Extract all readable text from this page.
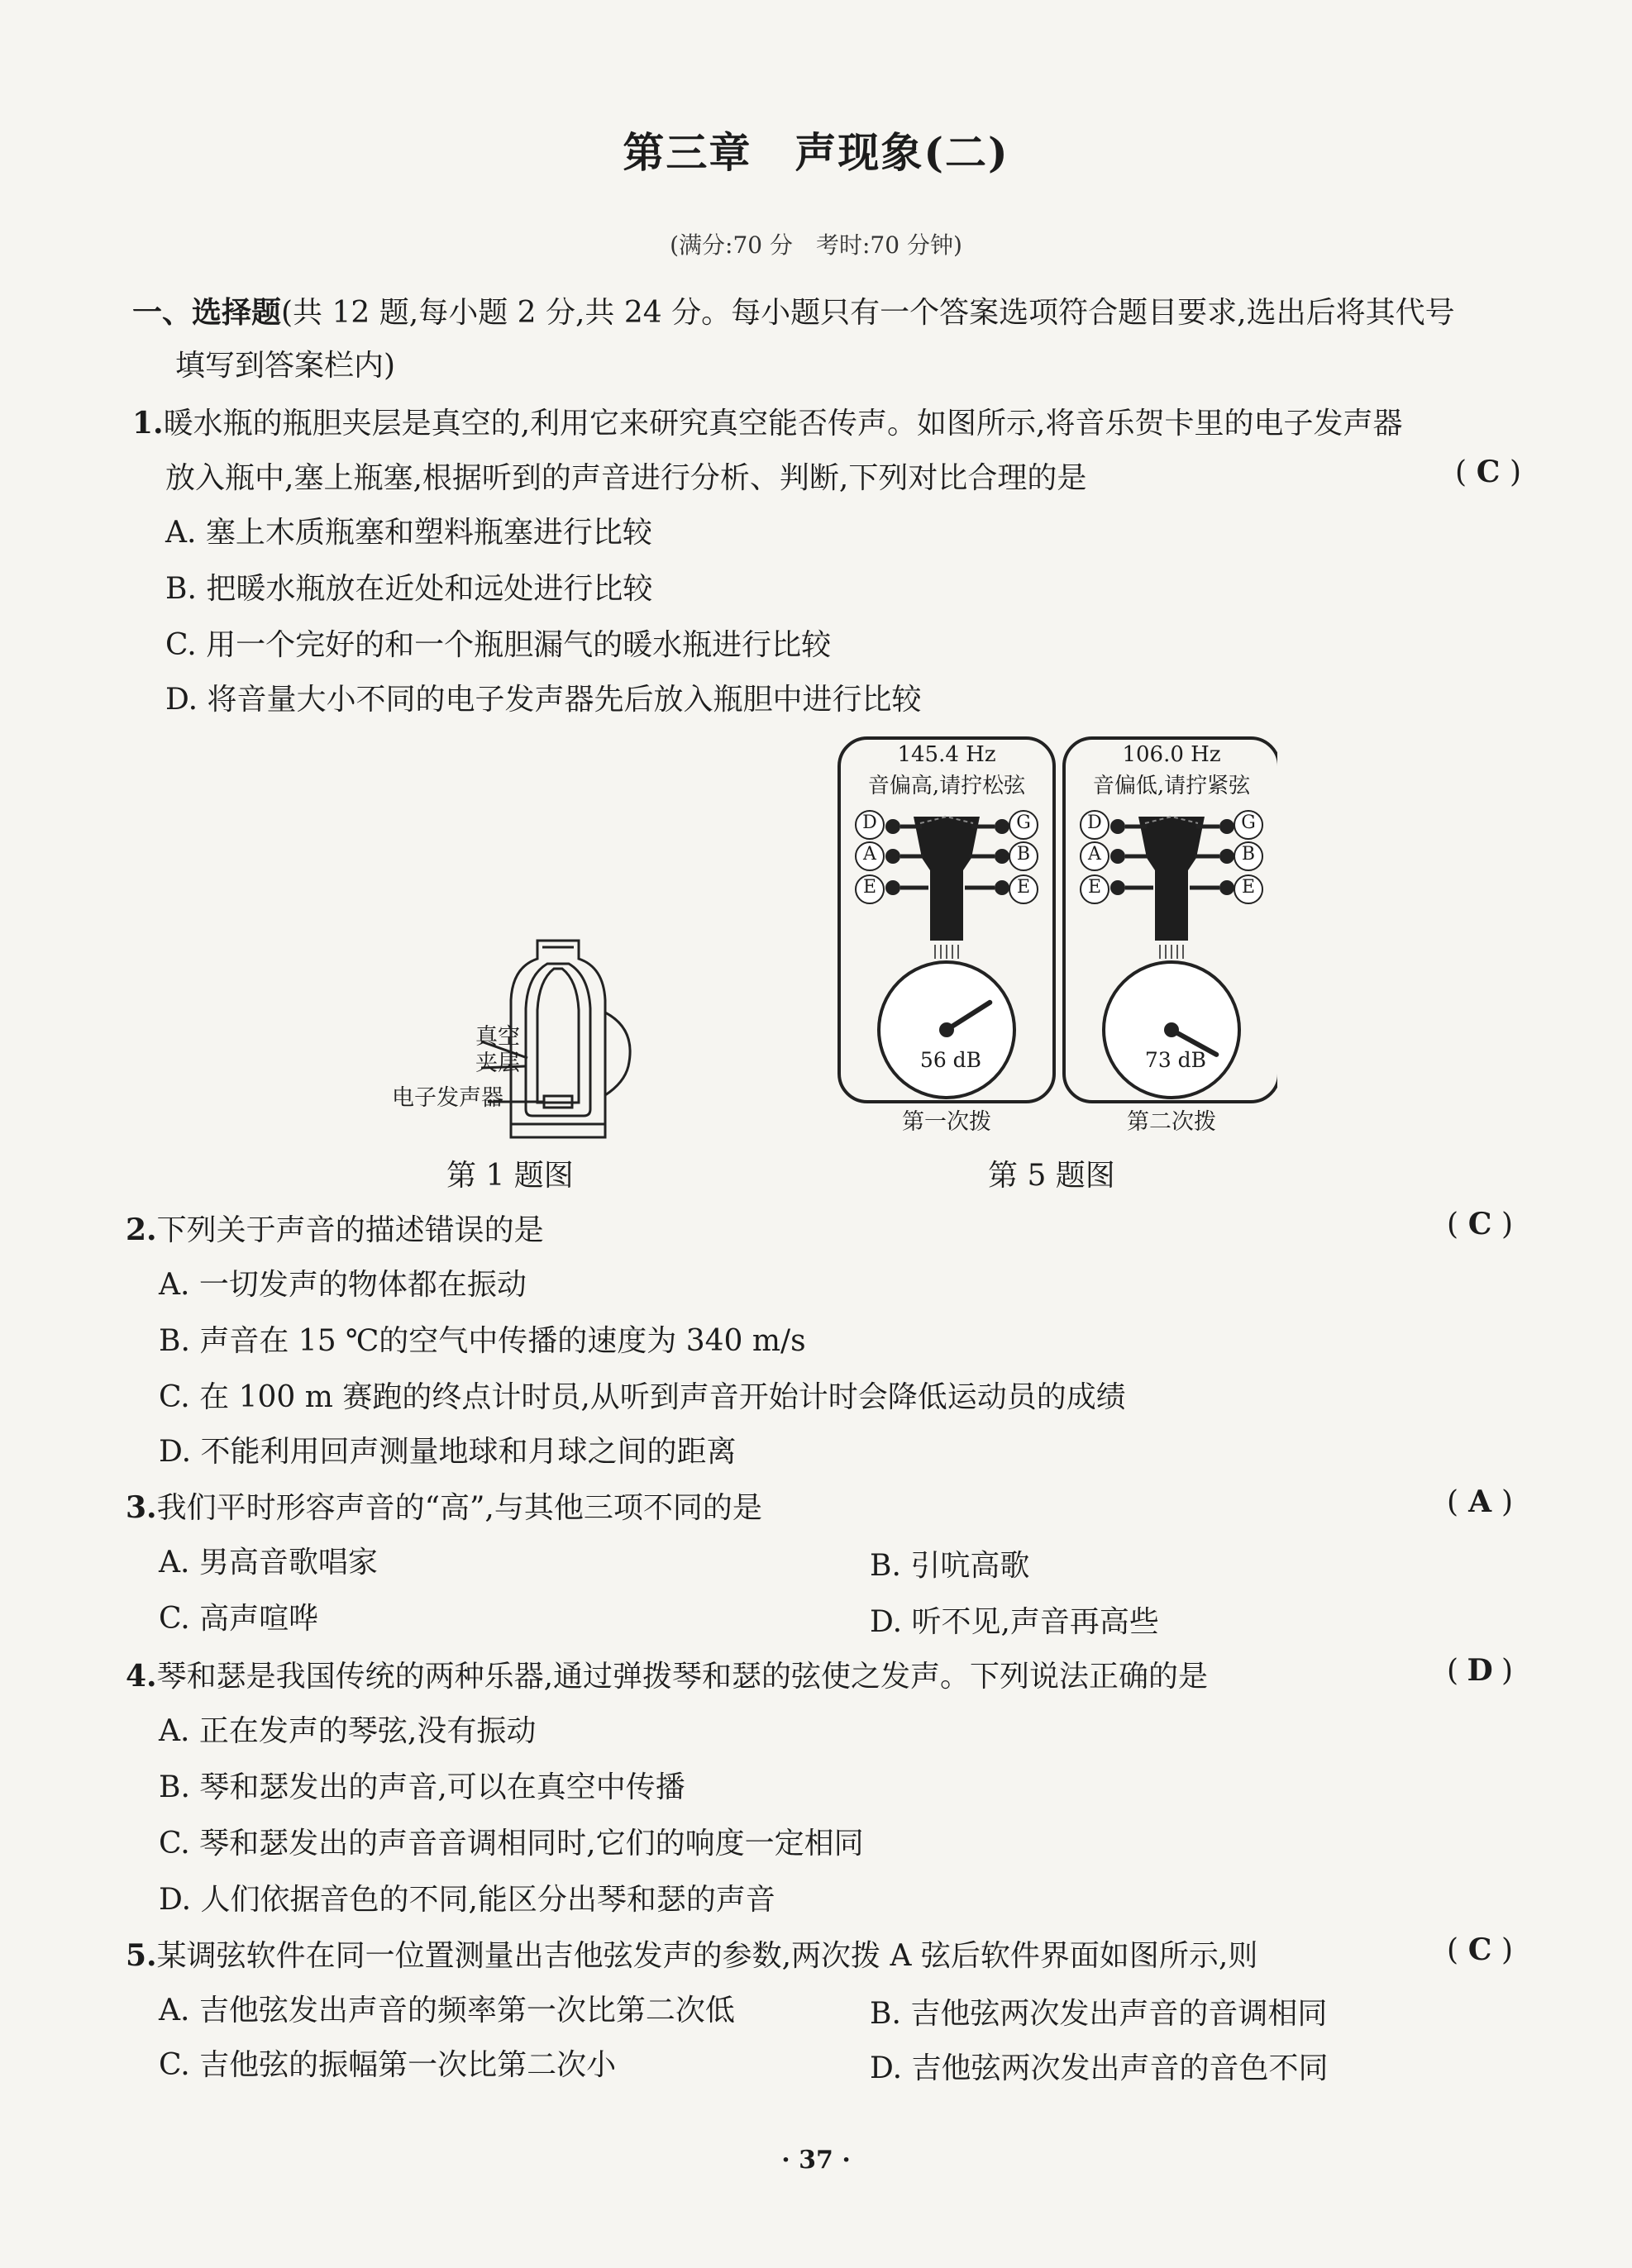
第三章　声现象(二)
(满分:70 分　考时:70 分钟)
一、选择题(共 12 题,每小题 2 分,共 24 分。每小题只有一个答案选项符合题目要求,选出后将其代号
填写到答案栏内)
1.暖水瓶的瓶胆夹层是真空的,利用它来研究真空能否传声。如图所示,将音乐贺卡里的电子发声器
放入瓶中,塞上瓶塞,根据听到的声音进行分析、判断,下列对比合理的是	( C )
A. 塞上木质瓶塞和塑料瓶塞进行比较
B. 把暖水瓶放在近处和远处进行比较
C. 用一个完好的和一个瓶胆漏气的暖水瓶进行比较
D. 将音量大小不同的电子发声器先后放入瓶胆中进行比较
真空
夹层
电子发声器
第 1 题图
145.4 Hz
音偏高,请拧松弦
106.0 Hz
音偏低,请拧紧弦
D
A
E
G
B
E
D
A
E
G
B
E
56 dB	73 dB
第一次拨	第二次拨
第 5 题图
2.下列关于声音的描述错误的是	( C )
A. 一切发声的物体都在振动
B. 声音在 15 ℃的空气中传播的速度为 340 m/s
C. 在 100 m 赛跑的终点计时员,从听到声音开始计时会降低运动员的成绩
D. 不能利用回声测量地球和月球之间的距离
3.我们平时形容声音的“高”,与其他三项不同的是	( A )
A. 男高音歌唱家	B. 引吭高歌
C. 高声喧哗	D. 听不见,声音再高些
4.琴和瑟是我国传统的两种乐器,通过弹拨琴和瑟的弦使之发声。下列说法正确的是	( D )
A. 正在发声的琴弦,没有振动
B. 琴和瑟发出的声音,可以在真空中传播
C. 琴和瑟发出的声音音调相同时,它们的响度一定相同
D. 人们依据音色的不同,能区分出琴和瑟的声音
5.某调弦软件在同一位置测量出吉他弦发声的参数,两次拨 A 弦后软件界面如图所示,则	( C )
A. 吉他弦发出声音的频率第一次比第二次低	B. 吉他弦两次发出声音的音调相同
C. 吉他弦的振幅第一次比第二次小	D. 吉他弦两次发出声音的音色不同
· 37 ·
